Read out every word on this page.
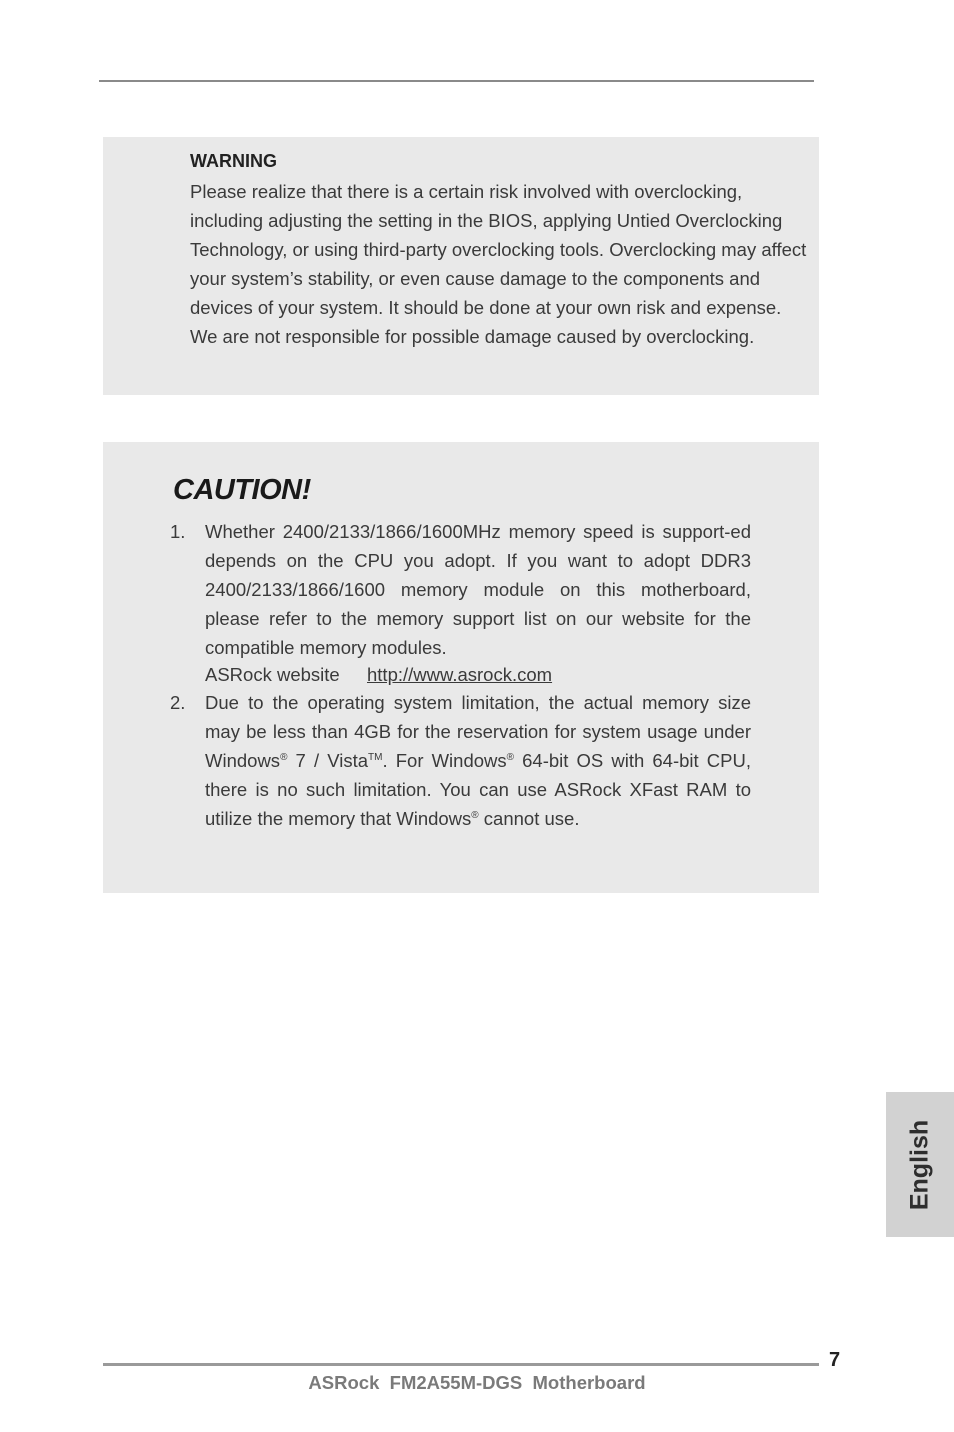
WARNING
Please realize that there is a certain risk involved with overclocking, including adjusting the setting in the BIOS, applying Untied Overclocking Technology, or using third-party overclocking tools. Overclocking may affect your system’s stability, or even cause damage to the components and devices of your system. It should be done at your own risk and expense. We are not responsible for possible damage caused by overclocking.
CAUTION!
1. Whether 2400/2133/1866/1600MHz memory speed is support-ed depends on the CPU you adopt. If you want to adopt DDR3 2400/2133/1866/1600 memory module on this motherboard, please refer to the memory support list on our website for the compatible memory modules.
ASRock website http://www.asrock.com
2. Due to the operating system limitation, the actual memory size may be less than 4GB for the reservation for system usage under Windows® 7 / Vista™. For Windows® 64-bit OS with 64-bit CPU, there is no such limitation. You can use ASRock XFast RAM to utilize the memory that Windows® cannot use.
English
7
ASRock  FM2A55M-DGS  Motherboard
